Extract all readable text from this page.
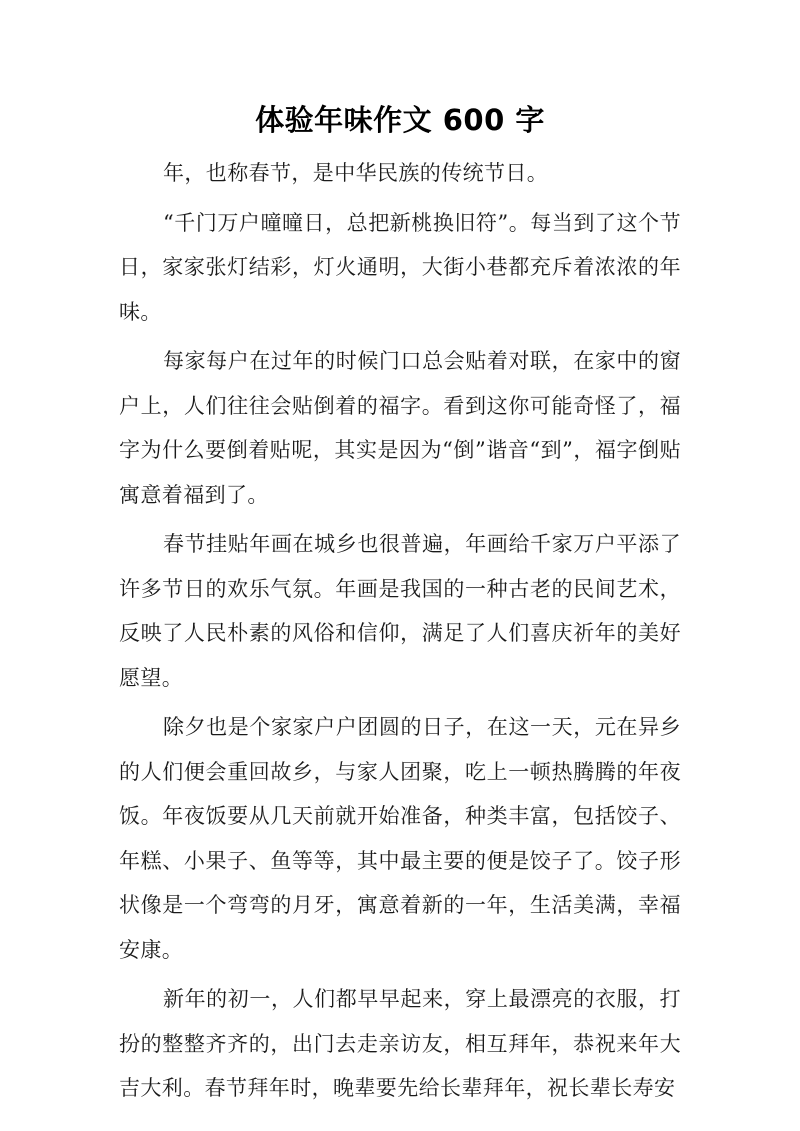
体验年味作文 600 字

年，也称春节，是中华民族的传统节日。

“千门万户曈曈日，总把新桃换旧符”。每当到了这个节日，家家张灯结彩，灯火通明，大街小巷都充斥着浓浓的年味。

每家每户在过年的时候门口总会贴着对联，在家中的窗户上，人们往往会贴倒着的福字。看到这你可能奇怪了，福字为什么要倒着贴呢，其实是因为“倒”谐音“到”，福字倒贴寓意着福到了。

春节挂贴年画在城乡也很普遍，年画给千家万户平添了许多节日的欢乐气氛。年画是我国的一种古老的民间艺术，反映了人民朴素的风俗和信仰，满足了人们喜庆祈年的美好愿望。

除夕也是个家家户户团圆的日子，在这一天，元在异乡的人们便会重回故乡，与家人团聚，吃上一顿热腾腾的年夜饭。年夜饭要从几天前就开始准备，种类丰富，包括饺子、年糕、小果子、鱼等等，其中最主要的便是饺子了。饺子形状像是一个弯弯的月牙，寓意着新的一年，生活美满，幸福安康。

新年的初一，人们都早早起来，穿上最漂亮的衣服，打扮的整整齐齐的，出门去走亲访友，相互拜年，恭祝来年大吉大利。春节拜年时，晚辈要先给长辈拜年，祝长辈长寿安
